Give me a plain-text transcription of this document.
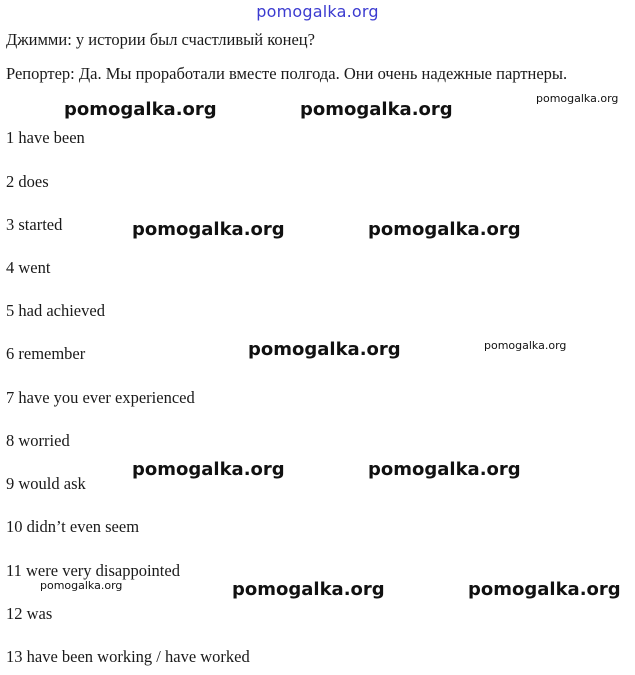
pomogalka.org
Джимми: у истории был счастливый конец?
Репортер: Да. Мы проработали вместе полгода. Они очень надежные партнеры.
1 have been
2 does
3 started
4 went
5 had achieved
6 remember
7 have you ever experienced
8 worried
9 would ask
10 didn’t even seem
11 were very disappointed
12 was
13 have been working / have worked
pomogalka.org	pomogalka.org
pomogalka.org	pomogalka.org
pomogalka.org
pomogalka.org	pomogalka.org
pomogalka.org	pomogalka.org
pomogalka.org
pomogalka.org
pomogalka.org
